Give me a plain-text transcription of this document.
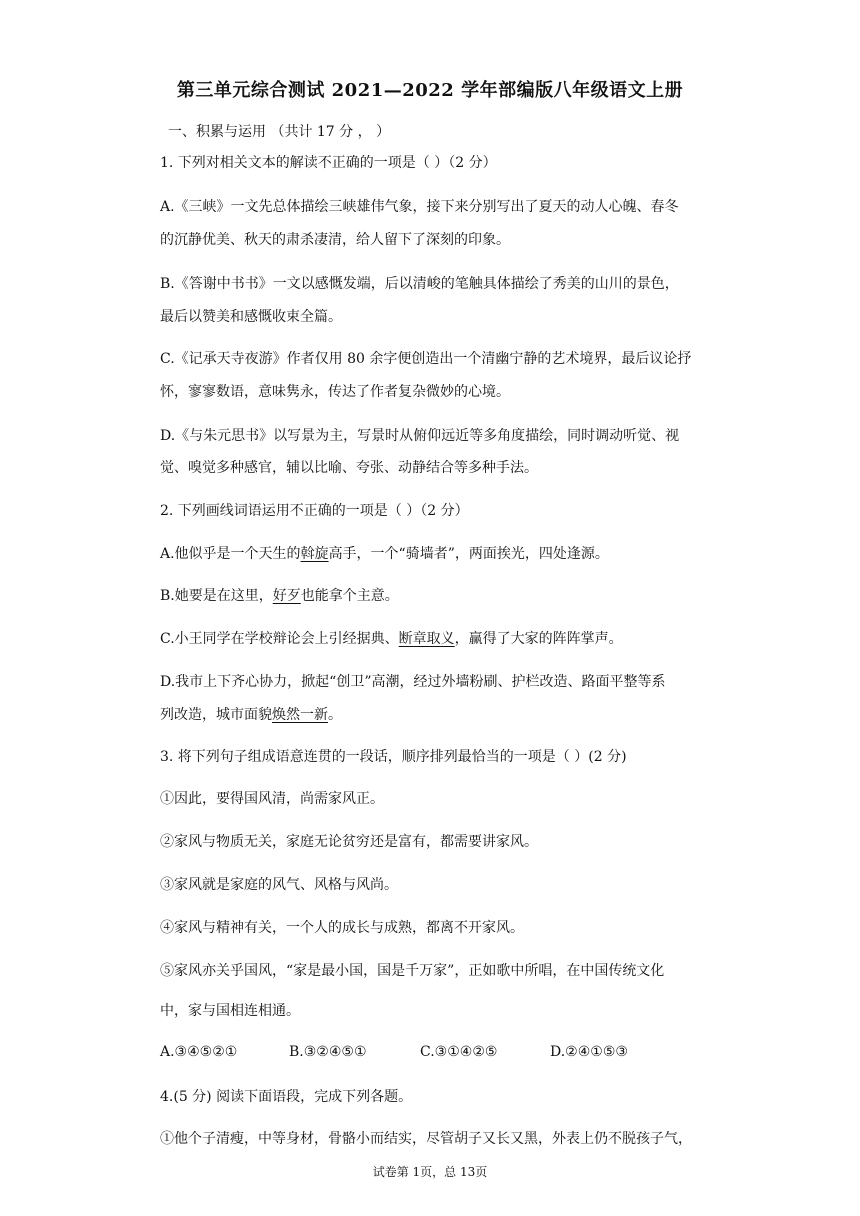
第三单元综合测试 2021—2022 学年部编版八年级语文上册
一、积累与运用 （共计 17 分 ， ）
1. 下列对相关文本的解读不正确的一项是（ ）（2 分）
A.《三峡》一文先总体描绘三峡雄伟气象，接下来分别写出了夏天的动人心魄、春冬
的沉静优美、秋天的肃杀凄清，给人留下了深刻的印象。
B.《答谢中书书》一文以感慨发端，后以清峻的笔触具体描绘了秀美的山川的景色，
最后以赞美和感慨收束全篇。
C.《记承天寺夜游》作者仅用 80 余字便创造出一个清幽宁静的艺术境界，最后议论抒
怀，寥寥数语，意味隽永，传达了作者复杂微妙的心境。
D.《与朱元思书》以写景为主，写景时从俯仰远近等多角度描绘，同时调动听觉、视
觉、嗅觉多种感官，辅以比喻、夸张、动静结合等多种手法。
2. 下列画线词语运用不正确的一项是（ ）（2 分）
A.他似乎是一个天生的斡旋高手，一个“骑墙者”，两面挨光，四处逢源。
B.她要是在这里，好歹也能拿个主意。
C.小王同学在学校辩论会上引经据典、断章取义，赢得了大家的阵阵掌声。
D.我市上下齐心协力，掀起“创卫”高潮，经过外墙粉刷、护栏改造、路面平整等系
列改造，城市面貌焕然一新。
3. 将下列句子组成语意连贯的一段话，顺序排列最恰当的一项是（ ）(2 分)
①因此，要得国风清，尚需家风正。
②家风与物质无关，家庭无论贫穷还是富有，都需要讲家风。
③家风就是家庭的风气、风格与风尚。
④家风与精神有关，一个人的成长与成熟，都离不开家风。
⑤家风亦关乎国风，“家是最小国，国是千万家”，正如歌中所唱，在中国传统文化
中，家与国相连相通。
A.③④⑤②①	B.③②④⑤①	C.③①④②⑤	D.②④①⑤③
4.(5 分) 阅读下面语段，完成下列各题。
①他个子清瘦，中等身材，骨骼小而结实，尽管胡子又长又黑，外表上仍不脱孩子气，
试卷第 1页，总 13页
